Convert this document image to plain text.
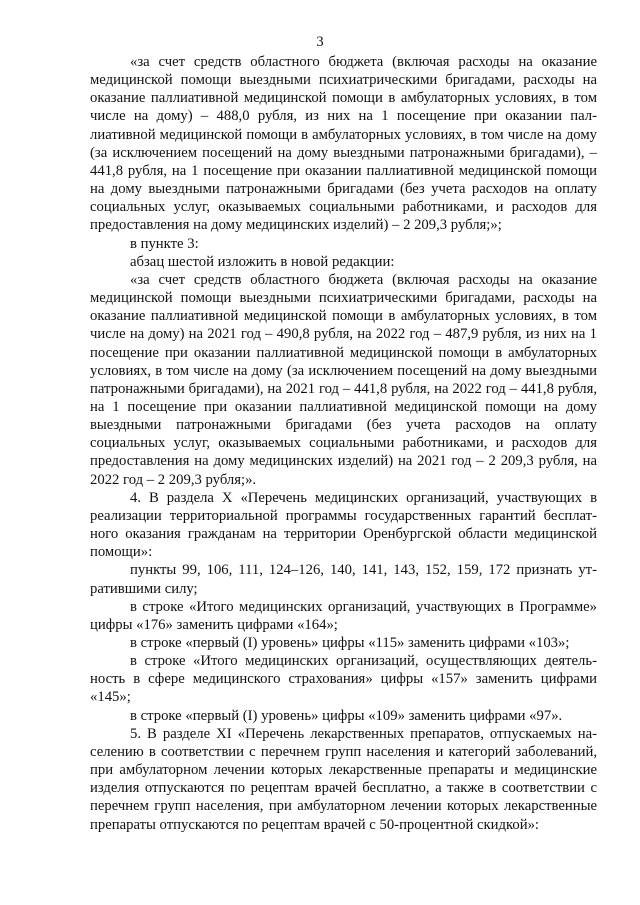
3

«за счет средств областного бюджета (включая расходы на оказание медицинской помощи выездными психиатрическими бригадами, расходы на оказание паллиативной медицинской помощи в амбулаторных условиях, в том числе на дому) – 488,0 рубля, из них на 1 посещение при оказании паллиативной медицинской помощи в амбулаторных условиях, в том числе на дому (за исключением посещений на дому выездными патронажными бригадами), – 441,8 рубля, на 1 посещение при оказании паллиативной медицинской помощи на дому выездными патронажными бригадами (без учета расходов на оплату социальных услуг, оказываемых социальными работниками, и расходов для предоставления на дому медицинских изделий) – 2 209,3 рубля;»;

в пункте 3:

абзац шестой изложить в новой редакции:

«за счет средств областного бюджета (включая расходы на оказание медицинской помощи выездными психиатрическими бригадами, расходы на оказание паллиативной медицинской помощи в амбулаторных условиях, в том числе на дому) на 2021 год – 490,8 рубля, на 2022 год – 487,9 рубля, из них на 1 посещение при оказании паллиативной медицинской помощи в амбулаторных условиях, в том числе на дому (за исключением посещений на дому выездными патронажными бригадами), на 2021 год – 441,8 рубля, на 2022 год – 441,8 рубля, на 1 посещение при оказании паллиативной медицинской помощи на дому выездными патронажными бригадами (без учета расходов на оплату социальных услуг, оказываемых социальными работниками, и расходов для предоставления на дому медицинских изделий) на 2021 год – 2 209,3 рубля, на 2022 год – 2 209,3 рубля;».

4. В раздела X «Перечень медицинских организаций, участвующих в реализации территориальной программы государственных гарантий бесплатного оказания гражданам на территории Оренбургской области медицинской помощи»:

пункты 99, 106, 111, 124–126, 140, 141, 143, 152, 159, 172 признать утратившими силу;

в строке «Итого медицинских организаций, участвующих в Программе» цифры «176» заменить цифрами «164»;

в строке «первый (I) уровень» цифры «115» заменить цифрами «103»;

в строке «Итого медицинских организаций, осуществляющих деятельность в сфере медицинского страхования» цифры «157» заменить цифрами «145»;

в строке «первый (I) уровень» цифры «109» заменить цифрами «97».

5. В разделе XI «Перечень лекарственных препаратов, отпускаемых населению в соответствии с перечнем групп населения и категорий заболеваний, при амбулаторном лечении которых лекарственные препараты и медицинские изделия отпускаются по рецептам врачей бесплатно, а также в соответствии с перечнем групп населения, при амбулаторном лечении которых лекарственные препараты отпускаются по рецептам врачей с 50-процентной скидкой»:
